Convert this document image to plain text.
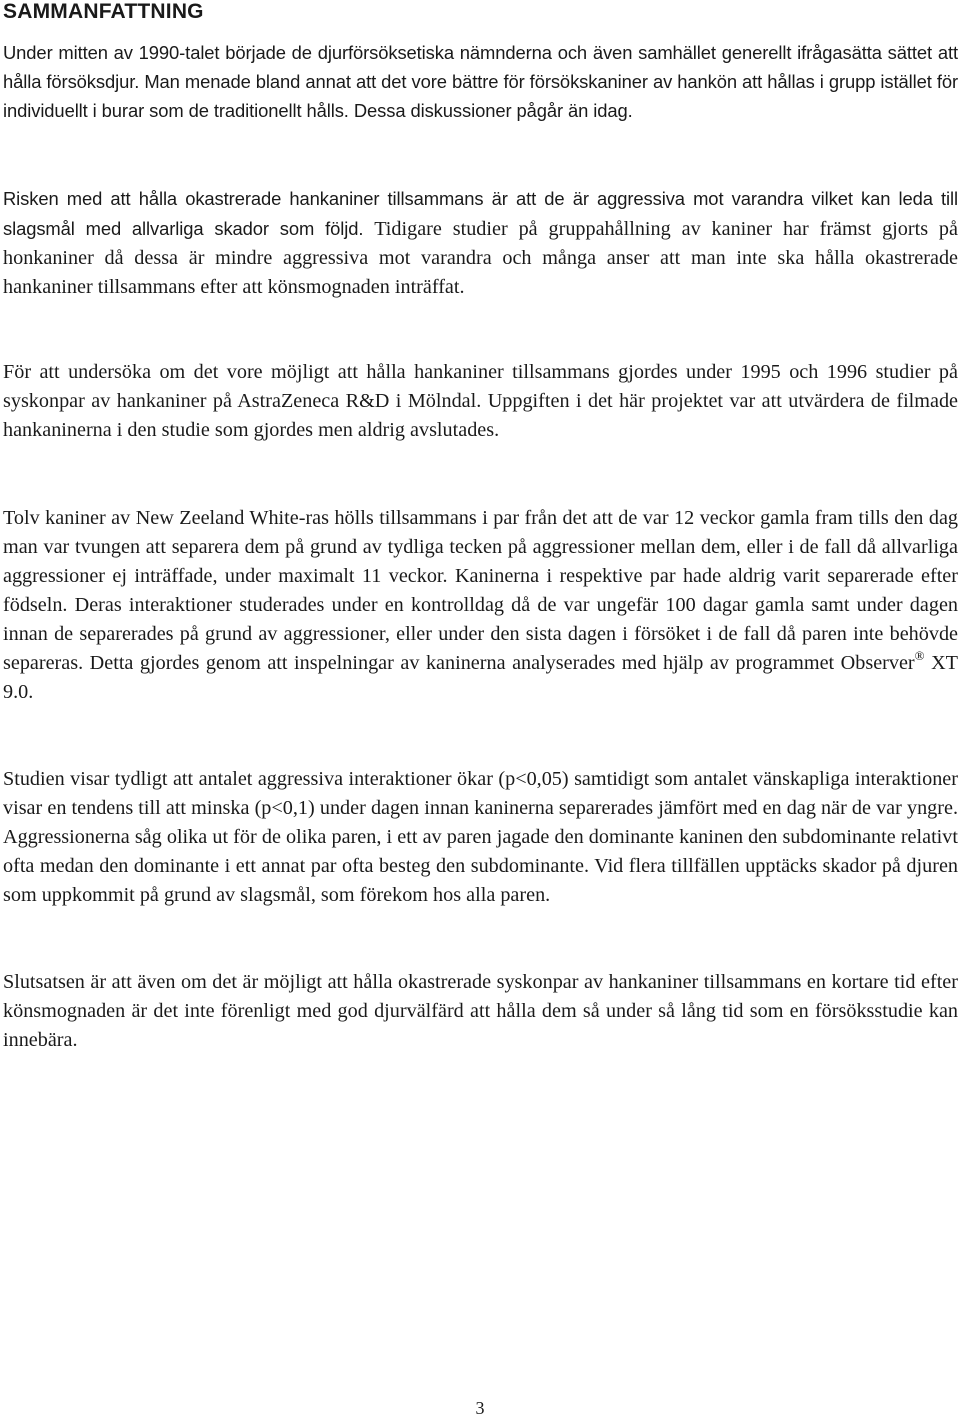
SAMMANFATTNING

Under mitten av 1990-talet började de djurförsöksetiska nämnderna och även samhället generellt ifrågasätta sättet att hålla försöksdjur. Man menade bland annat att det vore bättre för försökskaniner av hankön att hållas i grupp istället för individuellt i burar som de traditionellt hålls. Dessa diskussioner pågår än idag.

Risken med att hålla okastrerade hankaniner tillsammans är att de är aggressiva mot varandra vilket kan leda till slagsmål med allvarliga skador som följd. Tidigare studier på gruppahållning av kaniner har främst gjorts på honkaniner då dessa är mindre aggressiva mot varandra och många anser att man inte ska hålla okastrerade hankaniner tillsammans efter att könsmognaden inträffat.

För att undersöka om det vore möjligt att hålla hankaniner tillsammans gjordes under 1995 och 1996 studier på syskonpar av hankaniner på AstraZeneca R&D i Mölndal. Uppgiften i det här projektet var att utvärdera de filmade hankaninerna i den studie som gjordes men aldrig avslutades.

Tolv kaniner av New Zeeland White-ras hölls tillsammans i par från det att de var 12 veckor gamla fram tills den dag man var tvungen att separera dem på grund av tydliga tecken på aggressioner mellan dem, eller i de fall då allvarliga aggressioner ej inträffade, under maximalt 11 veckor. Kaninerna i respektive par hade aldrig varit separerade efter födseln. Deras interaktioner studerades under en kontrolldag då de var ungefär 100 dagar gamla samt under dagen innan de separerades på grund av aggressioner, eller under den sista dagen i försöket i de fall då paren inte behövde separeras. Detta gjordes genom att inspelningar av kaninerna analyserades med hjälp av programmet Observer® XT 9.0.

Studien visar tydligt att antalet aggressiva interaktioner ökar (p<0,05) samtidigt som antalet vänskapliga interaktioner visar en tendens till att minska (p<0,1) under dagen innan kaninerna separerades jämfört med en dag när de var yngre. Aggressionerna såg olika ut för de olika paren, i ett av paren jagade den dominante kaninen den subdominante relativt ofta medan den dominante i ett annat par ofta besteg den subdominante. Vid flera tillfällen upptäcks skador på djuren som uppkommit på grund av slagsmål, som förekom hos alla paren.

Slutsatsen är att även om det är möjligt att hålla okastrerade syskonpar av hankaniner tillsammans en kortare tid efter könsmognaden är det inte förenligt med god djurvälfärd att hålla dem så under så lång tid som en försöksstudie kan innebära.

3
